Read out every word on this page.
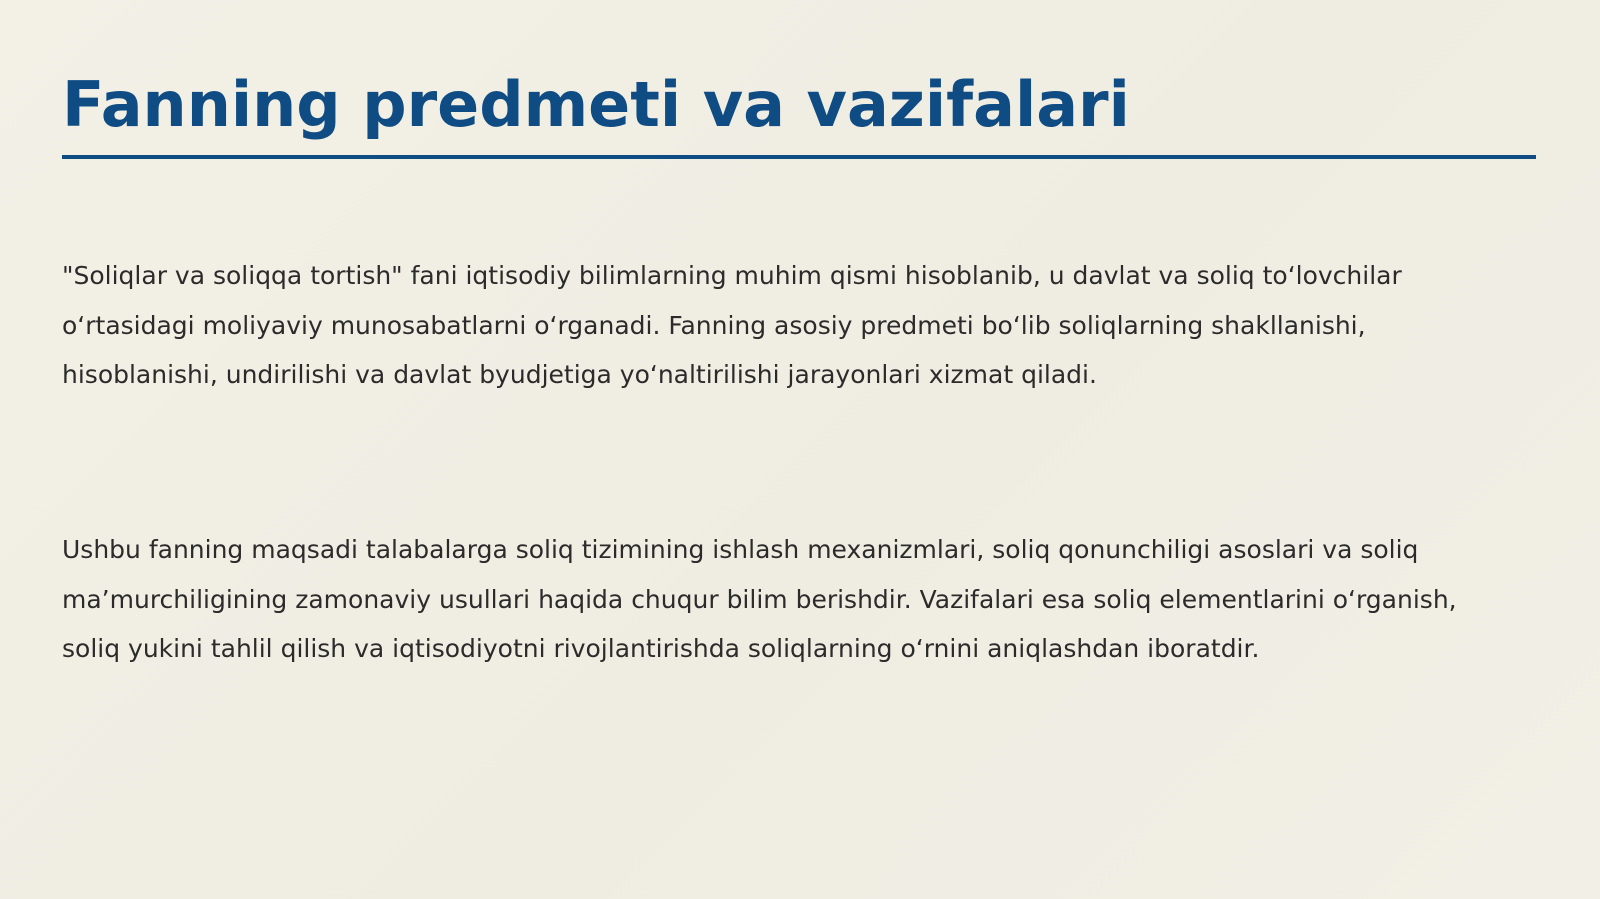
Fanning predmeti va vazifalari

"Soliqlar va soliqqa tortish" fani iqtisodiy bilimlarning muhim qismi hisoblanib, u davlat va soliq to‘lovchilar o‘rtasidagi moliyaviy munosabatlarni o‘rganadi. Fanning asosiy predmeti bo‘lib soliqlarning shakllanishi, hisoblanishi, undirilishi va davlat byudjetiga yo‘naltirilishi jarayonlari xizmat qiladi.

Ushbu fanning maqsadi talabalarga soliq tizimining ishlash mexanizmlari, soliq qonunchiligi asoslari va soliq ma’murchiligining zamonaviy usullari haqida chuqur bilim berishdir. Vazifalari esa soliq elementlarini o‘rganish, soliq yukini tahlil qilish va iqtisodiyotni rivojlantirishda soliqlarning o‘rnini aniqlashdan iboratdir.
